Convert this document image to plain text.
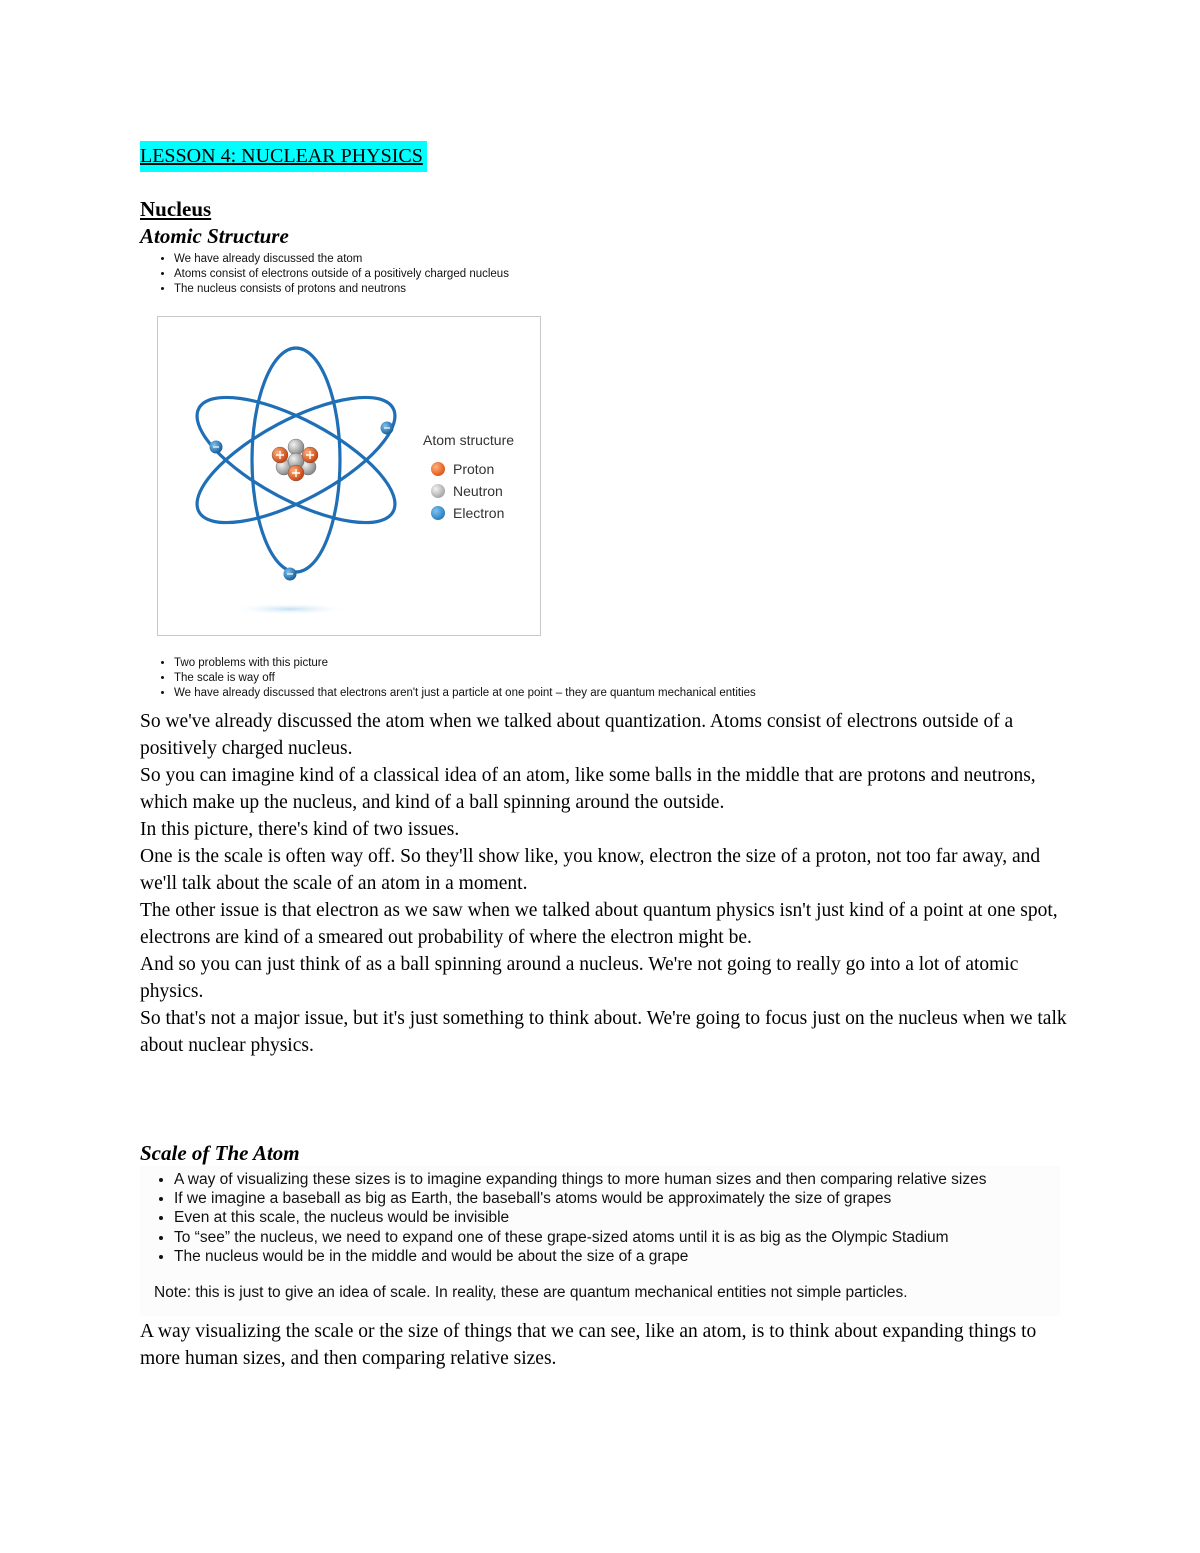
LESSON 4: NUCLEAR PHYSICS
Nucleus
Atomic Structure
• We have already discussed the atom
• Atoms consist of electrons outside of a positively charged nucleus
• The nucleus consists of protons and neutrons
Atom structure
Proton
Neutron
Electron
• Two problems with this picture
• The scale is way off
• We have already discussed that electrons aren't just a particle at one point – they are quantum mechanical entities

So we've already discussed the atom when we talked about quantization. Atoms consist of electrons outside of a positively charged nucleus.

So you can imagine kind of a classical idea of an atom, like some balls in the middle that are protons and neutrons, which make up the nucleus, and kind of a ball spinning around the outside.

In this picture, there's kind of two issues.

One is the scale is often way off. So they'll show like, you know, electron the size of a proton, not too far away, and we'll talk about the scale of an atom in a moment.

The other issue is that electron as we saw when we talked about quantum physics isn't just kind of a point at one spot, electrons are kind of a smeared out probability of where the electron might be.

And so you can just think of as a ball spinning around a nucleus. We're not going to really go into a lot of atomic physics.

So that's not a major issue, but it's just something to think about. We're going to focus just on the nucleus when we talk about nuclear physics.

Scale of The Atom
• A way of visualizing these sizes is to imagine expanding things to more human sizes and then comparing relative sizes
• If we imagine a baseball as big as Earth, the baseball's atoms would be approximately the size of grapes
• Even at this scale, the nucleus would be invisible
• To “see” the nucleus, we need to expand one of these grape-sized atoms until it is as big as the Olympic Stadium
• The nucleus would be in the middle and would be about the size of a grape
Note: this is just to give an idea of scale. In reality, these are quantum mechanical entities not simple particles.

A way visualizing the scale or the size of things that we can see, like an atom, is to think about expanding things to more human sizes, and then comparing relative sizes.
